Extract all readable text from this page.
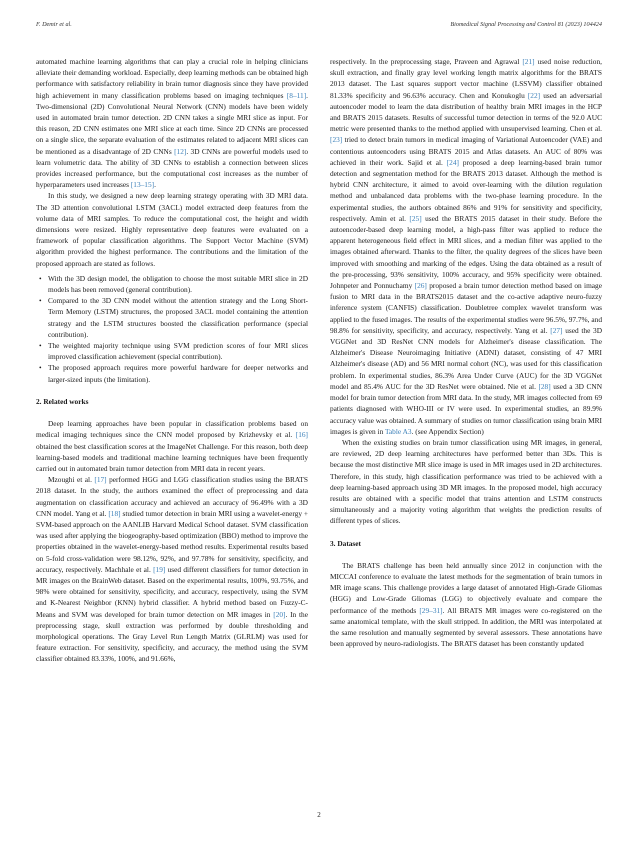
F. Demir et al.	Biomedical Signal Processing and Control 81 (2023) 104424

automated machine learning algorithms that can play a crucial role in helping clinicians alleviate their demanding workload. Especially, deep learning methods can be obtained high performance with satisfactory reliability in brain tumor diagnosis since they have provided high achievement in many classification problems based on imaging techniques [8–11]. Two-dimensional (2D) Convolutional Neural Network (CNN) models have been widely used in automated brain tumor detection. 2D CNN takes a single MRI slice as input. For this reason, 2D CNN estimates one MRI slice at each time. Since 2D CNNs are processed on a single slice, the separate evaluation of the estimates related to adjacent MRI slices can be mentioned as a disadvantage of 2D CNNs [12]. 3D CNNs are powerful models used to learn volumetric data. The ability of 3D CNNs to establish a connection between slices provides increased performance, but the computational cost increases as the number of hyperparameters used increases [13–15].

In this study, we designed a new deep learning strategy operating with 3D MRI data. The 3D attention convolutional LSTM (3ACL) model extracted deep features from the volume data of MRI samples. To reduce the computational cost, the height and width dimensions were resized. Highly representative deep features were evaluated on a framework of popular classification algorithms. The Support Vector Machine (SVM) algorithm provided the highest performance. The contributions and the limitation of the proposed approach are stated as follows.

• With the 3D design model, the obligation to choose the most suitable MRI slice in 2D models has been removed (general contribution).
• Compared to the 3D CNN model without the attention strategy and the Long Short-Term Memory (LSTM) structures, the proposed 3ACL model containing the attention strategy and the LSTM structures boosted the classification performance (special contribution).
• The weighted majority technique using SVM prediction scores of four MRI slices improved classification achievement (special contribution).
• The proposed approach requires more powerful hardware for deeper networks and larger-sized inputs (the limitation).
2. Related works

Deep learning approaches have been popular in classification problems based on medical imaging techniques since the CNN model proposed by Krizhevsky et al. [16] obtained the best classification scores at the ImageNet Challenge. For this reason, both deep learning-based models and traditional machine learning techniques have been frequently carried out in automated brain tumor detection from MRI data in recent years.

Mzoughi et al. [17] performed HGG and LGG classification studies using the BRATS 2018 dataset. In the study, the authors examined the effect of preprocessing and data augmentation on classification accuracy and achieved an accuracy of 96.49% with a 3D CNN model. Yang et al. [18] studied tumor detection in brain MRI using a wavelet-energy + SVM-based approach on the AANLIB Harvard Medical School dataset. SVM classification was used after applying the biogeography-based optimization (BBO) method to improve the properties obtained in the wavelet-energy-based method results. Experimental results based on 5-fold cross-validation were 98.12%, 92%, and 97.78% for sensitivity, specificity, and accuracy, respectively. Machhale et al. [19] used different classifiers for tumor detection in MR images on the BrainWeb dataset. Based on the experimental results, 100%, 93.75%, and 98% were obtained for sensitivity, specificity, and accuracy, respectively, using the SVM and K-Nearest Neighbor (KNN) hybrid classifier. A hybrid method based on Fuzzy-C-Means and SVM was developed for brain tumor detection on MR images in [20]. In the preprocessing stage, skull extraction was performed by double thresholding and morphological operations. The Gray Level Run Length Matrix (GLRLM) was used for feature extraction. For sensitivity, specificity, and accuracy, the method using the SVM classifier obtained 83.33%, 100%, and 91.66%,

respectively. In the preprocessing stage, Praveen and Agrawal [21] used noise reduction, skull extraction, and finally gray level working length matrix algorithms for the BRATS 2013 dataset. The Last squares support vector machine (LSSVM) classifier obtained 81.33% specificity and 96.63% accuracy. Chen and Konukoglu [22] used an adversarial autoencoder model to learn the data distribution of healthy brain MRI images in the HCP and BRATS 2015 datasets. Results of successful tumor detection in terms of the 92.0 AUC metric were presented thanks to the method applied with unsupervised learning. Chen et al. [23] tried to detect brain tumors in medical imaging of Variational Autoencoder (VAE) and contentious autoencoders using BRATS 2015 and Atlas datasets. An AUC of 80% was achieved in their work. Sajid et al. [24] proposed a deep learning-based brain tumor detection and segmentation method for the BRATS 2013 dataset. Although the method is hybrid CNN architecture, it aimed to avoid over-learning with the dilution regulation method and unbalanced data problems with the two-phase learning procedure. In the experimental studies, the authors obtained 86% and 91% for sensitivity and specificity, respectively. Amin et al. [25] used the BRATS 2015 dataset in their study. Before the autoencoder-based deep learning model, a high-pass filter was applied to reduce the apparent heterogeneous field effect in MRI slices, and a median filter was applied to the images obtained afterward. Thanks to the filter, the quality degrees of the slices have been improved with smoothing and marking of the edges. Using the data obtained as a result of the pre-processing, 93% sensitivity, 100% accuracy, and 95% specificity were obtained. Johnpeter and Ponnuchamy [26] proposed a brain tumor detection method based on image fusion to MRI data in the BRATS2015 dataset and the co-active adaptive neuro-fuzzy inference system (CANFIS) classification. Doubletree complex wavelet transform was applied to the fused images. The results of the experimental studies were 96.5%, 97.7%, and 98.8% for sensitivity, specificity, and accuracy, respectively. Yang et al. [27] used the 3D VGGNet and 3D ResNet CNN models for Alzheimer's disease classification. The Alzheimer's Disease Neuroimaging Initiative (ADNI) dataset, consisting of 47 MRI Alzheimer's disease (AD) and 56 MRI normal cohort (NC), was used for this classification problem. In experimental studies, 86.3% Area Under Curve (AUC) for the 3D VGGNet model and 85.4% AUC for the 3D ResNet were obtained. Nie et al. [28] used a 3D CNN model for brain tumor detection from MRI data. In the study, MR images collected from 69 patients diagnosed with WHO-III or IV were used. In experimental studies, an 89.9% accuracy value was obtained. A summary of studies on tumor classification using brain MRI images is given in Table A3. (see Appendix Section)

When the existing studies on brain tumor classification using MR images, in general, are reviewed, 2D deep learning architectures have performed better than 3Ds. This is because the most distinctive MR slice image is used in MR images used in 2D architectures. Therefore, in this study, high classification performance was tried to be achieved with a deep learning-based approach using 3D MR images. In the proposed model, high accuracy results are obtained with a specific model that trains attention and LSTM constructs simultaneously and a majority voting algorithm that weights the prediction results of different types of slices.

3. Dataset

The BRATS challenge has been held annually since 2012 in conjunction with the MICCAI conference to evaluate the latest methods for the segmentation of brain tumors in MR image scans. This challenge provides a large dataset of annotated High-Grade Gliomas (HGG) and Low-Grade Gliomas (LGG) to objectively evaluate and compare the performance of the methods [29–31]. All BRATS MR images were co-registered on the same anatomical template, with the skull stripped. In addition, the MRI was interpolated at the same resolution and manually segmented by several assessors. These annotations have been approved by neuro-radiologists. The BRATS dataset has been constantly updated

2
